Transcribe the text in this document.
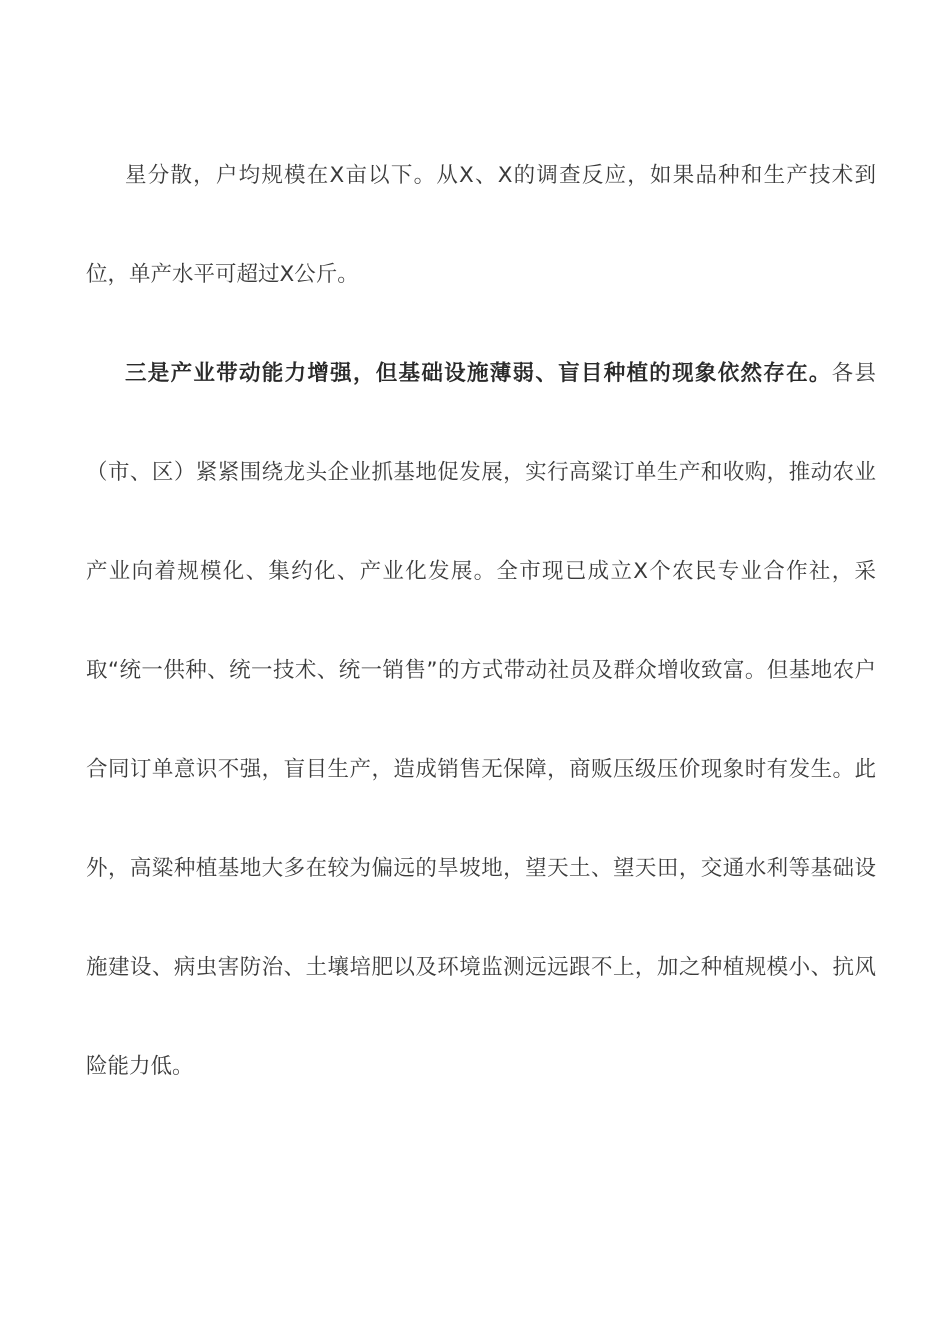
星分散，户均规模在X亩以下。从X、X的调查反应，如果品种和生产技术到位，单产水平可超过X公斤。

三是产业带动能力增强，但基础设施薄弱、盲目种植的现象依然存在。各县（市、区）紧紧围绕龙头企业抓基地促发展，实行高粱订单生产和收购，推动农业产业向着规模化、集约化、产业化发展。全市现已成立X个农民专业合作社，采取“统一供种、统一技术、统一销售”的方式带动社员及群众增收致富。但基地农户合同订单意识不强，盲目生产，造成销售无保障，商贩压级压价现象时有发生。此外，高粱种植基地大多在较为偏远的旱坡地，望天土、望天田，交通水利等基础设施建设、病虫害防治、土壤培肥以及环境监测远远跟不上，加之种植规模小、抗风险能力低。
